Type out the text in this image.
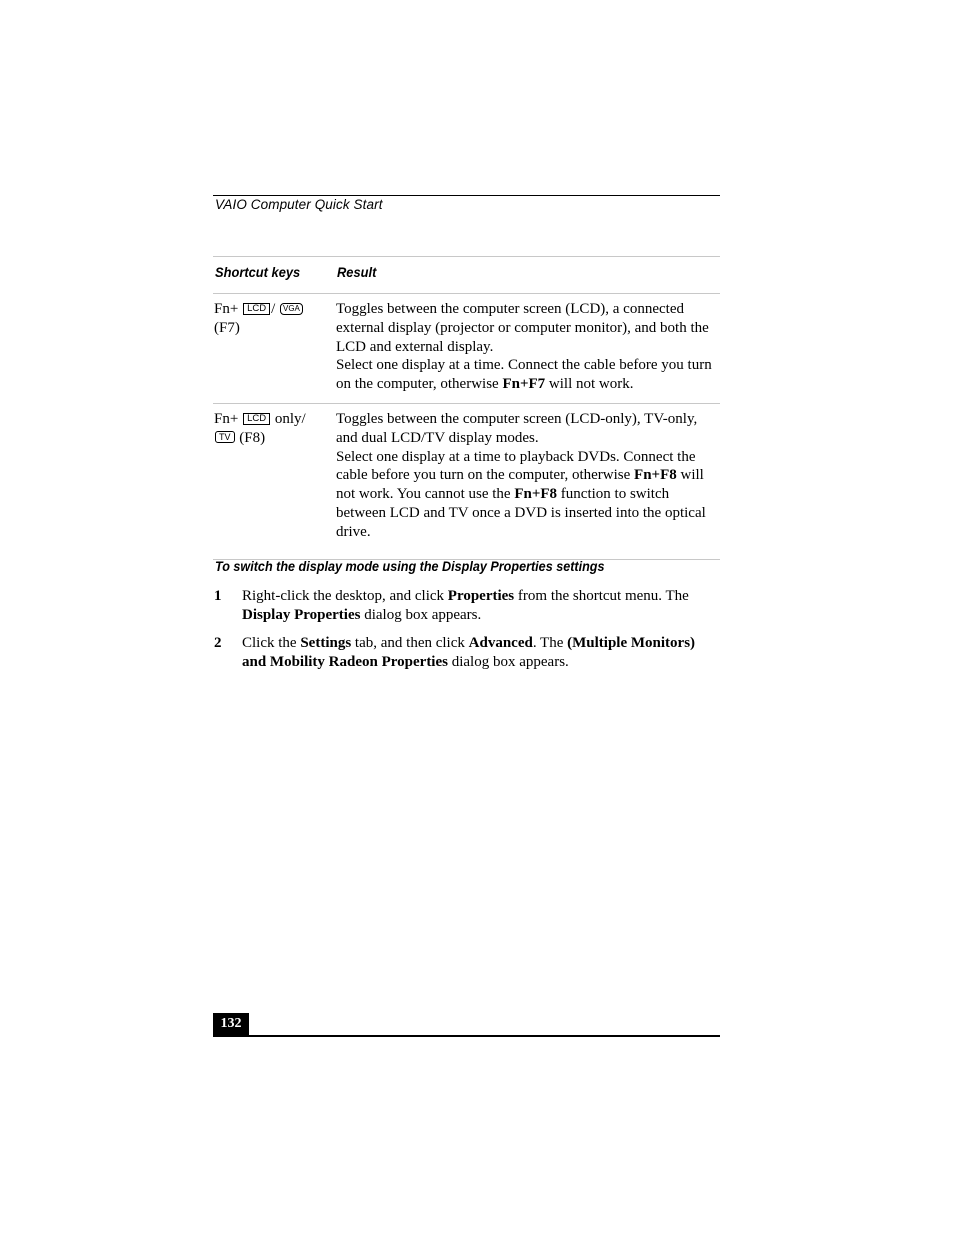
VAIO Computer Quick Start
Shortcut keys	Result
Fn+ LCD / VGA
(F7)
Toggles between the computer screen (LCD), a connected external display (projector or computer monitor), and both the LCD and external display.
Select one display at a time. Connect the cable before you turn on the computer, otherwise Fn+F7 will not work.
Fn+ LCD only/
TV (F8)
Toggles between the computer screen (LCD-only), TV-only, and dual LCD/TV display modes.
Select one display at a time to playback DVDs. Connect the cable before you turn on the computer, otherwise Fn+F8 will not work. You cannot use the Fn+F8 function to switch between LCD and TV once a DVD is inserted into the optical drive.
To switch the display mode using the Display Properties settings
1 Right-click the desktop, and click Properties from the shortcut menu. The Display Properties dialog box appears.
2 Click the Settings tab, and then click Advanced. The (Multiple Monitors) and Mobility Radeon Properties dialog box appears.
132
